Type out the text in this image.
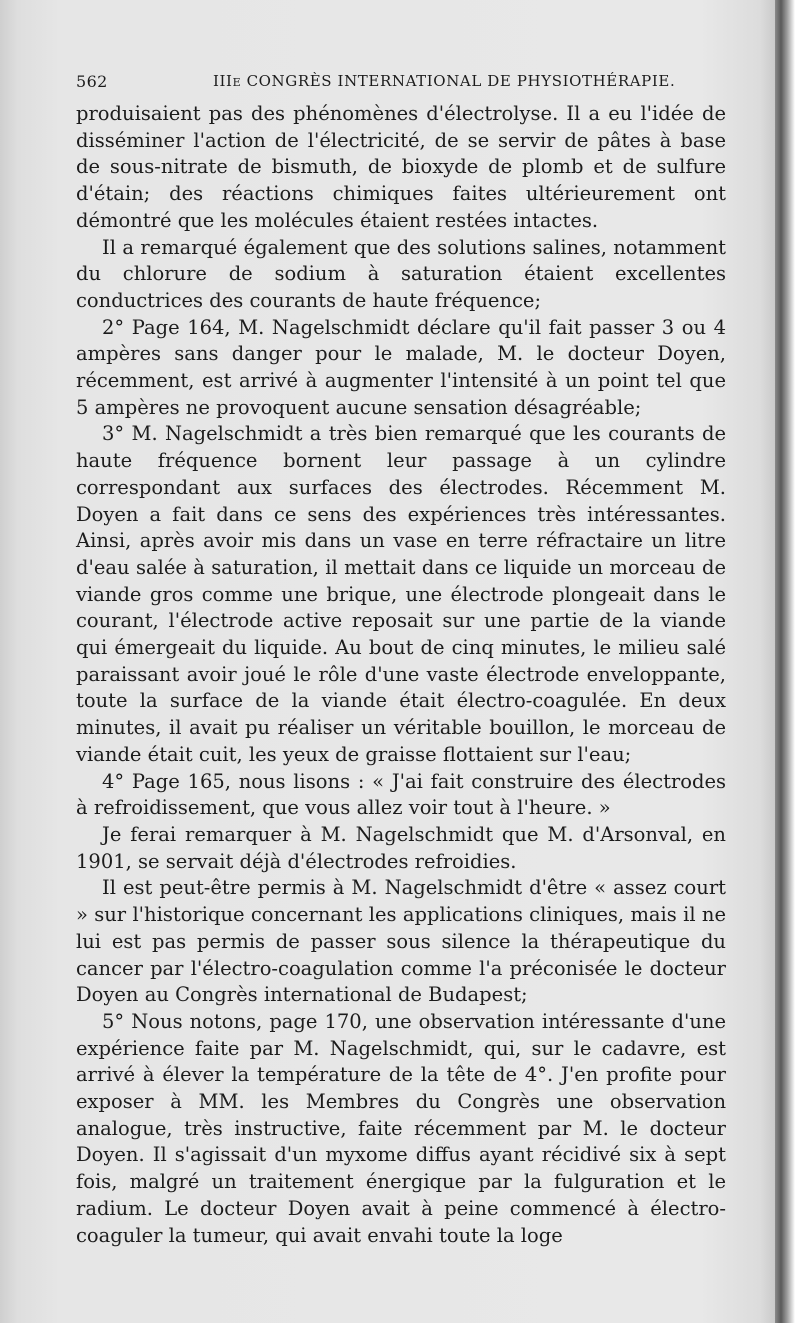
562	IIIe CONGRÈS INTERNATIONAL DE PHYSIOTHÉRAPIE.

produisaient pas des phénomènes d'électrolyse. Il a eu l'idée de disséminer l'action de l'électricité, de se servir de pâtes à base de sous-nitrate de bismuth, de bioxyde de plomb et de sulfure d'étain; des réactions chimiques faites ultérieurement ont démontré que les molécules étaient restées intactes.

Il a remarqué également que des solutions salines, notamment du chlorure de sodium à saturation étaient excellentes conductrices des courants de haute fréquence;

2° Page 164, M. Nagelschmidt déclare qu'il fait passer 3 ou 4 ampères sans danger pour le malade, M. le docteur Doyen, récemment, est arrivé à augmenter l'intensité à un point tel que 5 ampères ne provoquent aucune sensation désagréable;

3° M. Nagelschmidt a très bien remarqué que les courants de haute fréquence bornent leur passage à un cylindre correspondant aux surfaces des électrodes. Récemment M. Doyen a fait dans ce sens des expériences très intéressantes. Ainsi, après avoir mis dans un vase en terre réfractaire un litre d'eau salée à saturation, il mettait dans ce liquide un morceau de viande gros comme une brique, une électrode plongeait dans le courant, l'électrode active reposait sur une partie de la viande qui émergeait du liquide. Au bout de cinq minutes, le milieu salé paraissant avoir joué le rôle d'une vaste électrode enveloppante, toute la surface de la viande était électro-coagulée. En deux minutes, il avait pu réaliser un véritable bouillon, le morceau de viande était cuit, les yeux de graisse flottaient sur l'eau;

4° Page 165, nous lisons : « J'ai fait construire des électrodes à refroidissement, que vous allez voir tout à l'heure. »

Je ferai remarquer à M. Nagelschmidt que M. d'Arsonval, en 1901, se servait déjà d'électrodes refroidies.

Il est peut-être permis à M. Nagelschmidt d'être « assez court » sur l'historique concernant les applications cliniques, mais il ne lui est pas permis de passer sous silence la thérapeutique du cancer par l'électro-coagulation comme l'a préconisée le docteur Doyen au Congrès international de Budapest;

5° Nous notons, page 170, une observation intéressante d'une expérience faite par M. Nagelschmidt, qui, sur le cadavre, est arrivé à élever la température de la tête de 4°. J'en profite pour exposer à MM. les Membres du Congrès une observation analogue, très instructive, faite récemment par M. le docteur Doyen. Il s'agissait d'un myxome diffus ayant récidivé six à sept fois, malgré un traitement énergique par la fulguration et le radium. Le docteur Doyen avait à peine commencé à électro-coaguler la tumeur, qui avait envahi toute la loge
